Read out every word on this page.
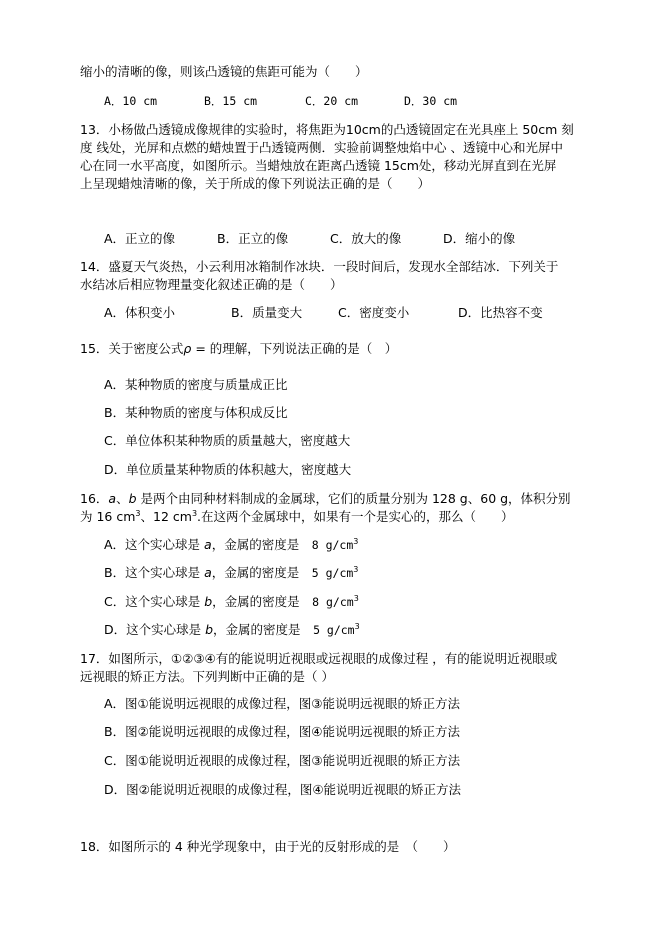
缩小的清晰的像，则该凸透镜的焦距可能为（　　）
A．10 cm	B．15 cm	C．20 cm	D．30 cm
13．小杨做凸透镜成像规律的实验时，将焦距为10cm的凸透镜固定在光具座上 50cm 刻
度 线处，光屏和点燃的蜡烛置于凸透镜两侧．实验前调整烛焰中心 、透镜中心和光屏中
心在同一水平高度，如图所示。当蜡烛放在距离凸透镜 15cm处，移动光屏直到在光屏
上呈现蜡烛清晰的像，关于所成的像下列说法正确的是（　　）
A．正立的像	B．正立的像	C．放大的像	D．缩小的像
14．盛夏天气炎热，小云利用冰箱制作冰块．一段时间后，发现水全部结冰．下列关于
水结冰后相应物理量变化叙述正确的是（　　）
A．体积变小	B．质量变大	C．密度变小	D．比热容不变
15．关于密度公式ρ = 的理解，下列说法正确的是（　）
A．某种物质的密度与质量成正比
B．某种物质的密度与体积成反比
C．单位体积某种物质的质量越大，密度越大
D．单位质量某种物质的体积越大，密度越大
16．a、b 是两个由同种材料制成的金属球，它们的质量分别为 128 g、60 g，体积分别
为 16 $cm^3$、12 $cm^3$.在这两个金属球中，如果有一个是实心的，那么（　　）
A．这个实心球是 a，金属的密度是　8 $g/cm^3$
B．这个实心球是 a，金属的密度是　5 $g/cm^3$
C．这个实心球是 b，金属的密度是　8 $g/cm^3$
D．这个实心球是 b，金属的密度是　5 $g/cm^3$
17．如图所示，①②③④有的能说明近视眼或远视眼的成像过程 ，有的能说明近视眼或
远视眼的矫正方法。下列判断中正确的是（ ）
A．图①能说明远视眼的成像过程，图③能说明远视眼的矫正方法
B．图②能说明远视眼的成像过程，图④能说明远视眼的矫正方法
C．图①能说明近视眼的成像过程，图③能说明近视眼的矫正方法
D．图②能说明近视眼的成像过程，图④能说明近视眼的矫正方法
18．如图所示的 4 种光学现象中，由于光的反射形成的是　（　　）
